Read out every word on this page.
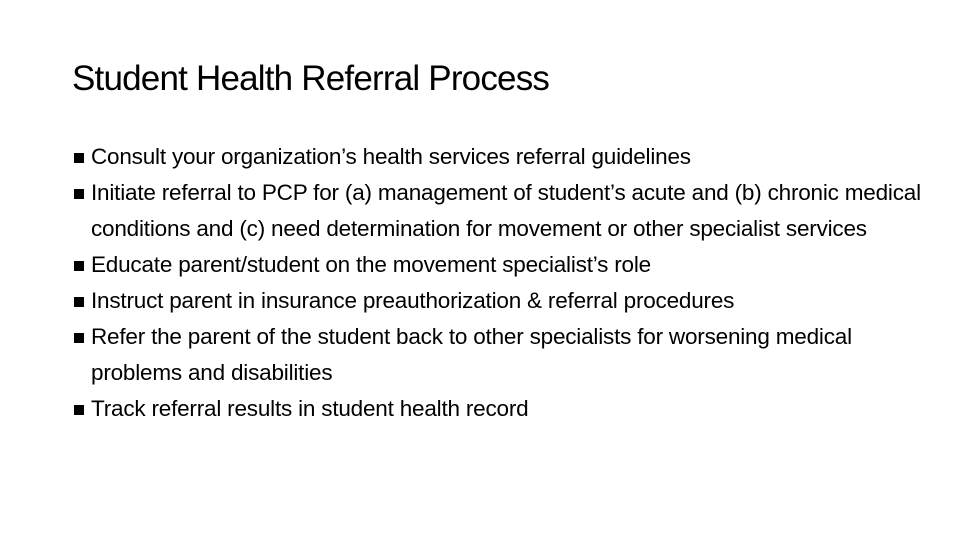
Student Health Referral Process
Consult your organization’s health services referral guidelines
Initiate referral to PCP for (a) management of student’s acute and (b) chronic medical conditions and (c) need determination for movement or other specialist services
Educate parent/student on the movement specialist’s role
Instruct parent in insurance preauthorization & referral procedures
Refer the parent of the student back to other specialists for worsening medical problems and disabilities
Track referral results in student health record
